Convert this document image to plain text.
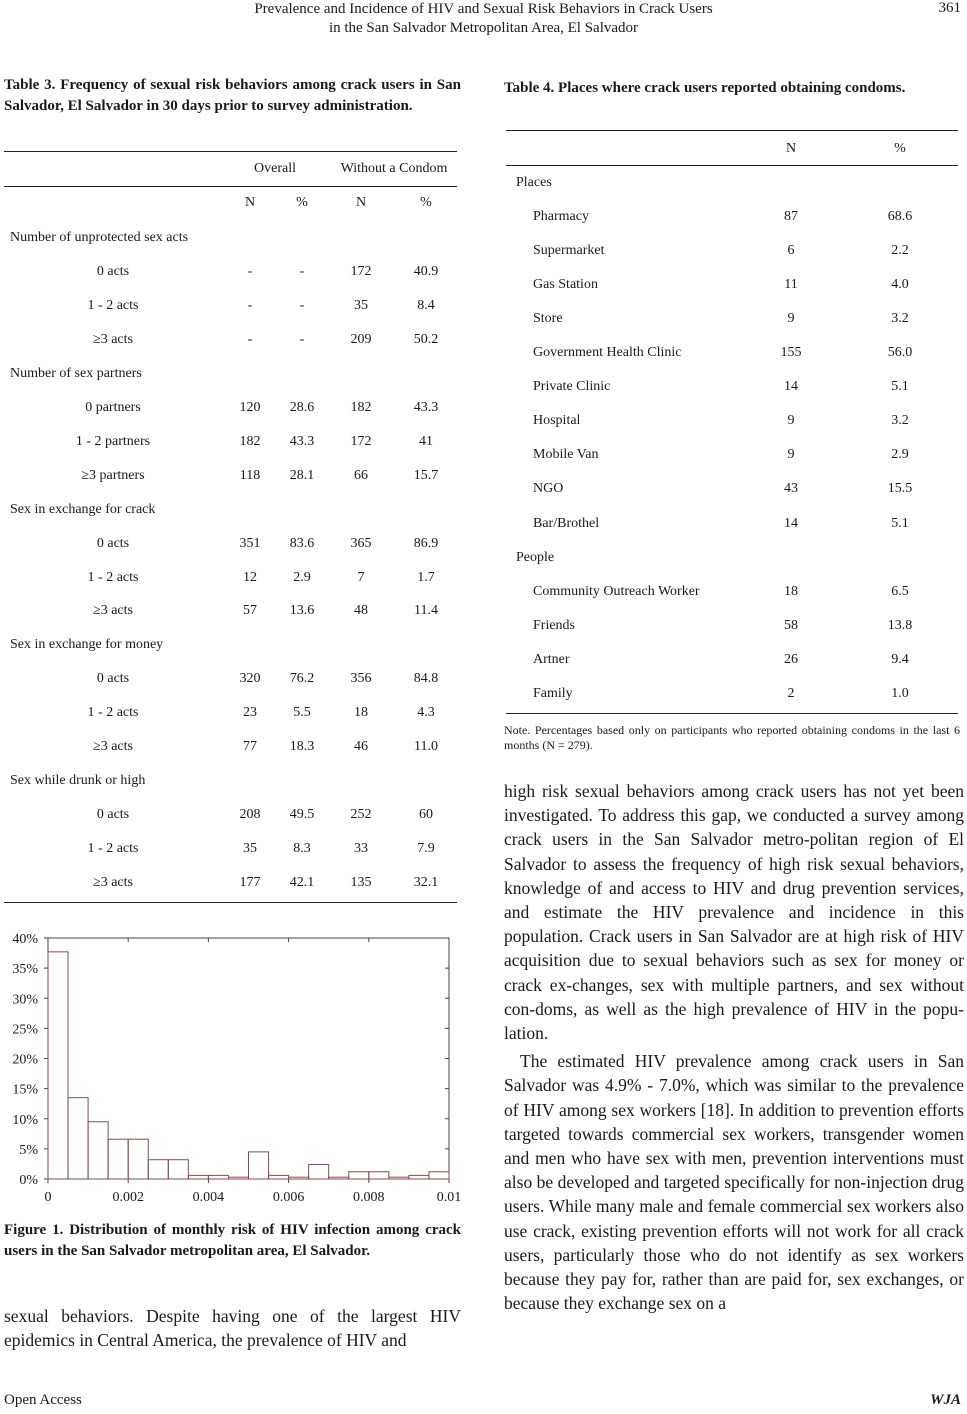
Prevalence and Incidence of HIV and Sexual Risk Behaviors in Crack Users
in the San Salvador Metropolitan Area, El Salvador
361
Table 3. Frequency of sexual risk behaviors among crack users in San Salvador, El Salvador in 30 days prior to survey administration.
Table 4. Places where crack users reported obtaining condoms.
Note. Percentages based only on participants who reported obtaining condoms in the last 6 months (N = 279).
0%
5%
10%
15%
20%
25%
30%
35%
40%
0	0.002	0.004	0.006	0.008	0.01
Figure 1. Distribution of monthly risk of HIV infection among crack users in the San Salvador metropolitan area, El Salvador.

sexual behaviors. Despite having one of the largest HIV epidemics in Central America, the prevalence of HIV and

high risk sexual behaviors among crack users has not yet been investigated. To address this gap, we conducted a survey among crack users in the San Salvador metro-politan region of El Salvador to assess the frequency of high risk sexual behaviors, knowledge of and access to HIV and drug prevention services, and estimate the HIV prevalence and incidence in this population. Crack users in San Salvador are at high risk of HIV acquisition due to sexual behaviors such as sex for money or crack ex-changes, sex with multiple partners, and sex without con-doms, as well as the high prevalence of HIV in the popu-lation.

The estimated HIV prevalence among crack users in San Salvador was 4.9% - 7.0%, which was similar to the prevalence of HIV among sex workers [18]. In addition to prevention efforts targeted towards commercial sex workers, transgender women and men who have sex with men, prevention interventions must also be developed and targeted specifically for non-injection drug users. While many male and female commercial sex workers also use crack, existing prevention efforts will not work for all crack users, particularly those who do not identify as sex workers because they pay for, rather than are paid for, sex exchanges, or because they exchange sex on a

Open Access	WJA
Overall	Without a Condom
N	%	N	%
Number of unprotected sex acts
0 acts	-	-	172	40.9
1 - 2 acts	-	-	35	8.4
≥3 acts	-	-	209	50.2
Number of sex partners
0 partners	120	28.6	182	43.3
1 - 2 partners	182	43.3	172	41
≥3 partners	118	28.1	66	15.7
Sex in exchange for crack
0 acts	351	83.6	365	86.9
1 - 2 acts	12	2.9	7	1.7
≥3 acts	57	13.6	48	11.4
Sex in exchange for money
0 acts	320	76.2	356	84.8
1 - 2 acts	23	5.5	18	4.3
≥3 acts	77	18.3	46	11.0
Sex while drunk or high
0 acts	208	49.5	252	60
1 - 2 acts	35	8.3	33	7.9
≥3 acts	177	42.1	135	32.1
N	%
Places
Pharmacy	87	68.6
Supermarket	6	2.2
Gas Station	11	4.0
Store	9	3.2
Government Health Clinic	155	56.0
Private Clinic	14	5.1
Hospital	9	3.2
Mobile Van	9	2.9
NGO	43	15.5
Bar/Brothel	14	5.1
People
Community Outreach Worker	18	6.5
Friends	58	13.8
Artner	26	9.4
Family	2	1.0
